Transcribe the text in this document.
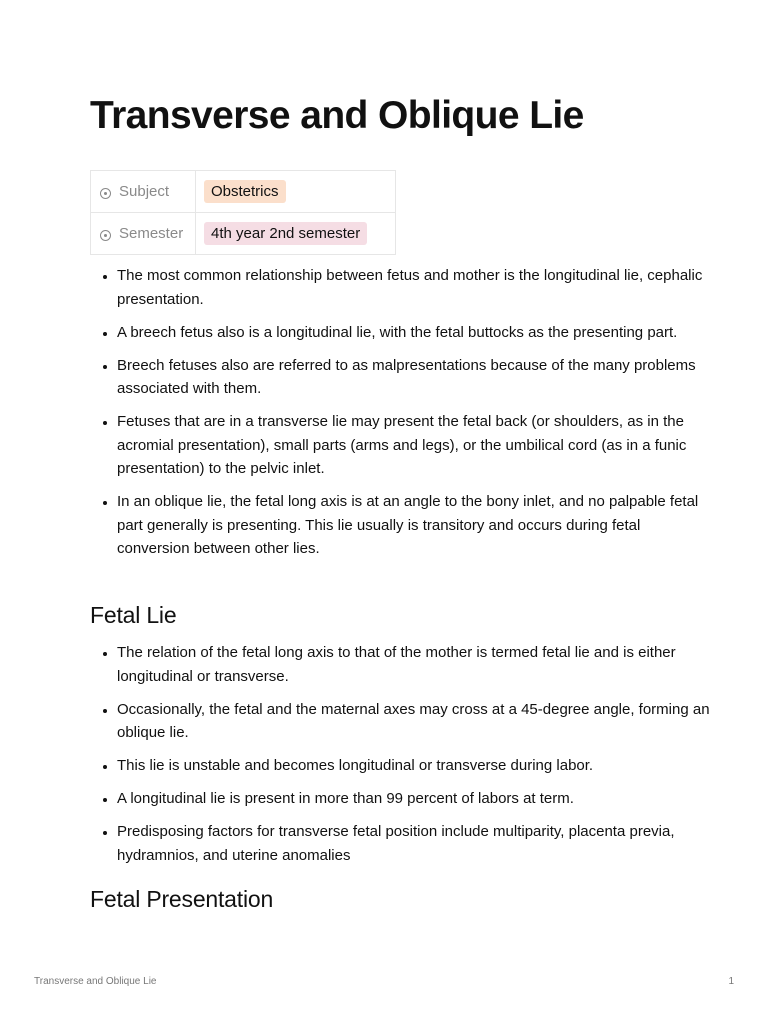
Transverse and Oblique Lie
Subject	Obstetrics

Semester	4th year 2nd semester
• The most common relationship between fetus and mother is the longitudinal lie, cephalic presentation.
• A breech fetus also is a longitudinal lie, with the fetal buttocks as the presenting part.
• Breech fetuses also are referred to as malpresentations because of the many problems associated with them.
• Fetuses that are in a transverse lie may present the fetal back (or shoulders, as in the acromial presentation), small parts (arms and legs), or the umbilical cord (as in a funic presentation) to the pelvic inlet.
• In an oblique lie, the fetal long axis is at an angle to the bony inlet, and no palpable fetal part generally is presenting. This lie usually is transitory and occurs during fetal conversion between other lies.
Fetal Lie
• The relation of the fetal long axis to that of the mother is termed fetal lie and is either longitudinal or transverse.
• Occasionally, the fetal and the maternal axes may cross at a 45-degree angle, forming an oblique lie.
• This lie is unstable and becomes longitudinal or transverse during labor.
• A longitudinal lie is present in more than 99 percent of labors at term.
• Predisposing factors for transverse fetal position include multiparity, placenta previa, hydramnios, and uterine anomalies
Fetal Presentation
Transverse and Oblique Lie	1
